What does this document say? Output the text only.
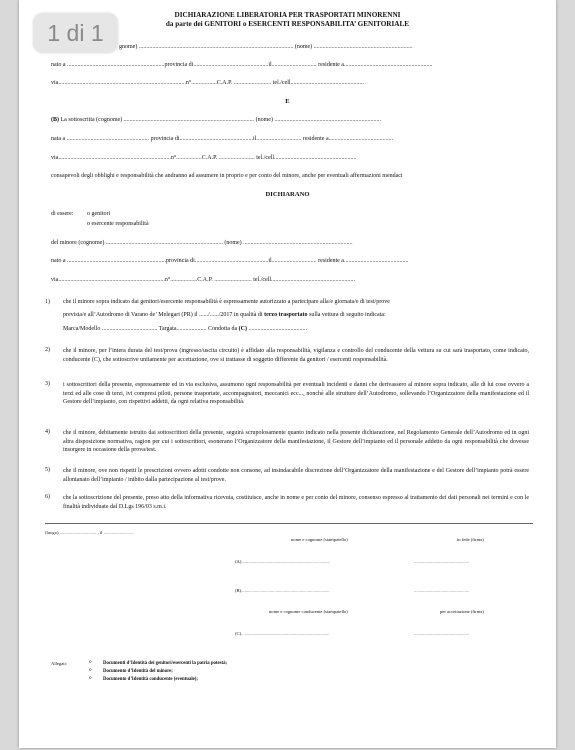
1 di 1
DICHIARAZIONE LIBERATORIA PER TRASPORTATI MINORENNI
da parte dei GENITORI o ESERCENTI RESPONSABILITA’ GENITORIALE
gnome) ....................................................................................................... (nome) ..................................................................
nato a .................................................................provincia di..................................................il.............................. residente a...........................................................
via.....................................................................................n°.................C.A.P. ......................... tel./cell.................................................
E
(B) La sottoscritta (cognome) ....................................................................................... (nome) .......................................................................
nata a ....................................................... provincia di.................................................il.............................. residente a...........................................
via...........................................................................n°.................C.A.P. ........................ tel./cell.......................................................
consapevoli degli obblighi e responsabilità che andranno ad assumere in proprio e per conto del minore, anche per eventuali affermazioni mendaci
DICHIARANO
di essere: o genitori
o esercente responsabilità
del minore (cognome) .............................................................................. (nome) .........................................................................
nato a ..................................................................provincia di.................................................il.............................. residente a...........................................
via.......................................................................n°..................C.A.P. ......................... tel./cell........................................................
1) che il minore sopra indicato dai genitori/esercente responsabilità è espressamente autorizzato a partecipare alla/e giornata/e di test/prove
prevista/e all’Autodromo di Varano de’ Melegari (PR) il ....../....../2017 in qualità di terzo trasportato sulla vettura di seguito indicata:
Marca/Modello ..................................... Targata.................... Condotta da (C) .......................................
2) che il minore, per l’intera durata del test/prova (ingresso/uscita circuito) è affidato alla responsabilità, vigilanza e controllo del conducente della vettura su cui sarà trasportato, come indicato, conducente (C), che sottoscrive unitamente per accettazione, ove si trattasse di soggetto differente da genitori / esercenti responsabilità.
3) i sottoscrittori della presente, espressamente ed in via esclusiva, assumono ogni responsabilità per eventuali incidenti e danni che derivassero al minore sopra indicato, alle di lui cose ovvero a terzi ed alle cose di terzi, ivi compresi piloti, persone trasportate, accompagnatori, meccanici ecc..., nonché alle strutture dell’Autodromo, sollevando l’Organizzatore della manifestazione ed il Gestore dell’impianto, con rispettivi addetti, da ogni relativa responsabilità.
4) che il minore, debitamente istruito dai sottoscrittori della presente, seguirà scrupolosamente quanto indicato nella presente dichiarazione, nel Regolamento Generale dell’Autodromo ed in ogni altra disposizione normativa, ragion per cui i sottoscrittori, esonerano l’Organizzatore della manifestazione, il Gestore dell’impianto ed il personale addetto da ogni responsabilità che dovesse insorgere in occasione della prova/test.
5) che il minore, ove non rispetti le prescrizioni ovvero adotti condotte non consone, ad insindacabile discrezione dell’Organizzatore della manifestazione e del Gestore dell’impianto potrà essere allontanato dell’impianto / inibito dalla partecipazione al test/prove.
6) che la sottoscrizione del presente, preso atto della informativa ricevuta, costituisce, anche in nome e per conto del minore, consenso espresso al trattamento dei dati personali nei termini e con le finalità individuate dal D.Lgs 196/03 s.m.i.
(luogo) ................................ , il ...........................
nome e cognome (stampatello)	in fede (firma)
(A).............................................................................	................................................
(B).............................................................................	................................................
nome e cognome conducente (stampatello)	per accettazione (firma)
(C).............................................................................	................................................
Allegati:	o Documenti d’Identità dei genitori/esercenti la patria potestà;
o Documento d’Identità del minore;
o Documento d’Identità conducente (eventuale);
